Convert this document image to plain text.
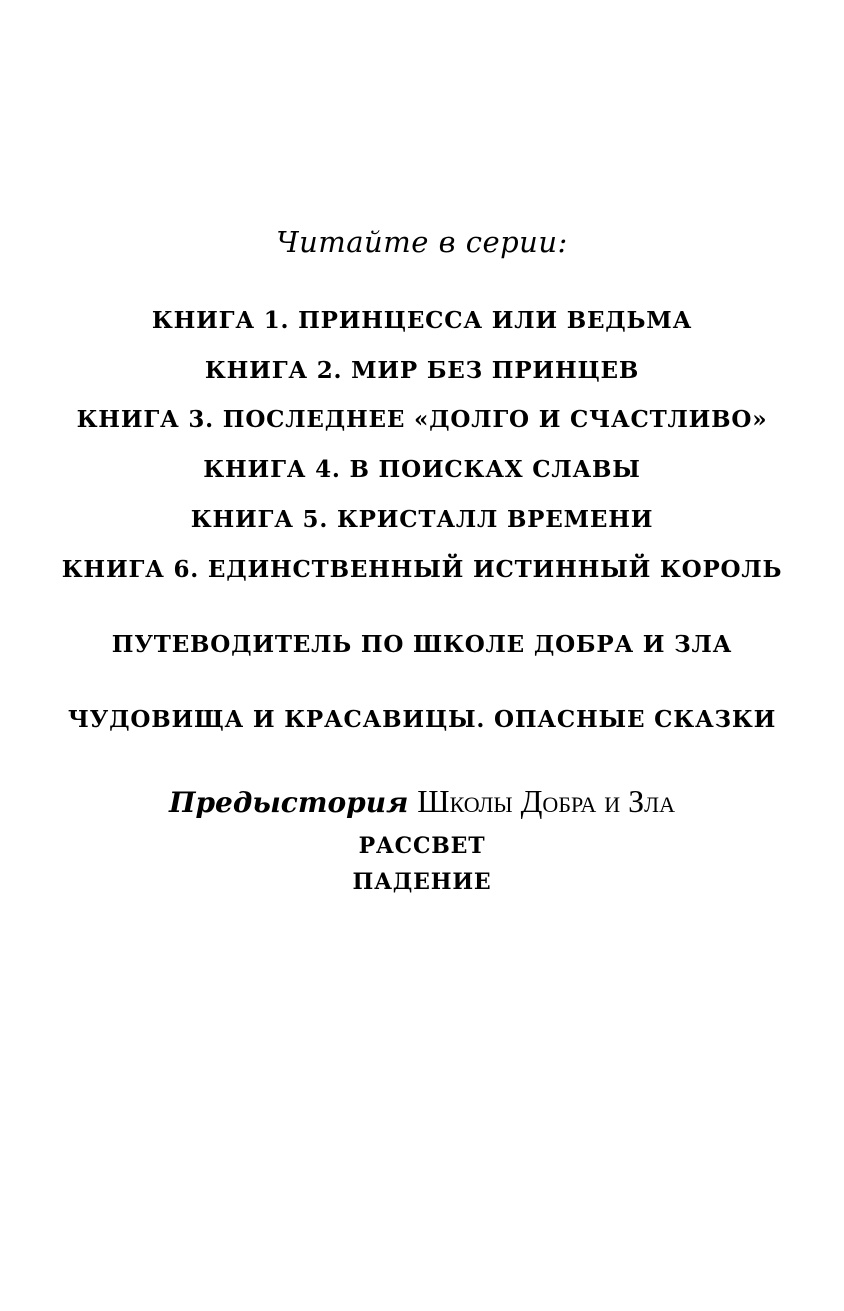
Читайте в серии:
КНИГА 1. ПРИНЦЕССА ИЛИ ВЕДЬМА
КНИГА 2. МИР БЕЗ ПРИНЦЕВ
КНИГА 3. ПОСЛЕДНЕЕ «ДОЛГО И СЧАСТЛИВО»
КНИГА 4. В ПОИСКАХ СЛАВЫ
КНИГА 5. КРИСТАЛЛ ВРЕМЕНИ
КНИГА 6. ЕДИНСТВЕННЫЙ ИСТИННЫЙ КОРОЛЬ
ПУТЕВОДИТЕЛЬ ПО ШКОЛЕ ДОБРА И ЗЛА
ЧУДОВИЩА И КРАСАВИЦЫ. ОПАСНЫЕ СКАЗКИ
Предыстория Школы Добра и Зла
РАССВЕТ
ПАДЕНИЕ
